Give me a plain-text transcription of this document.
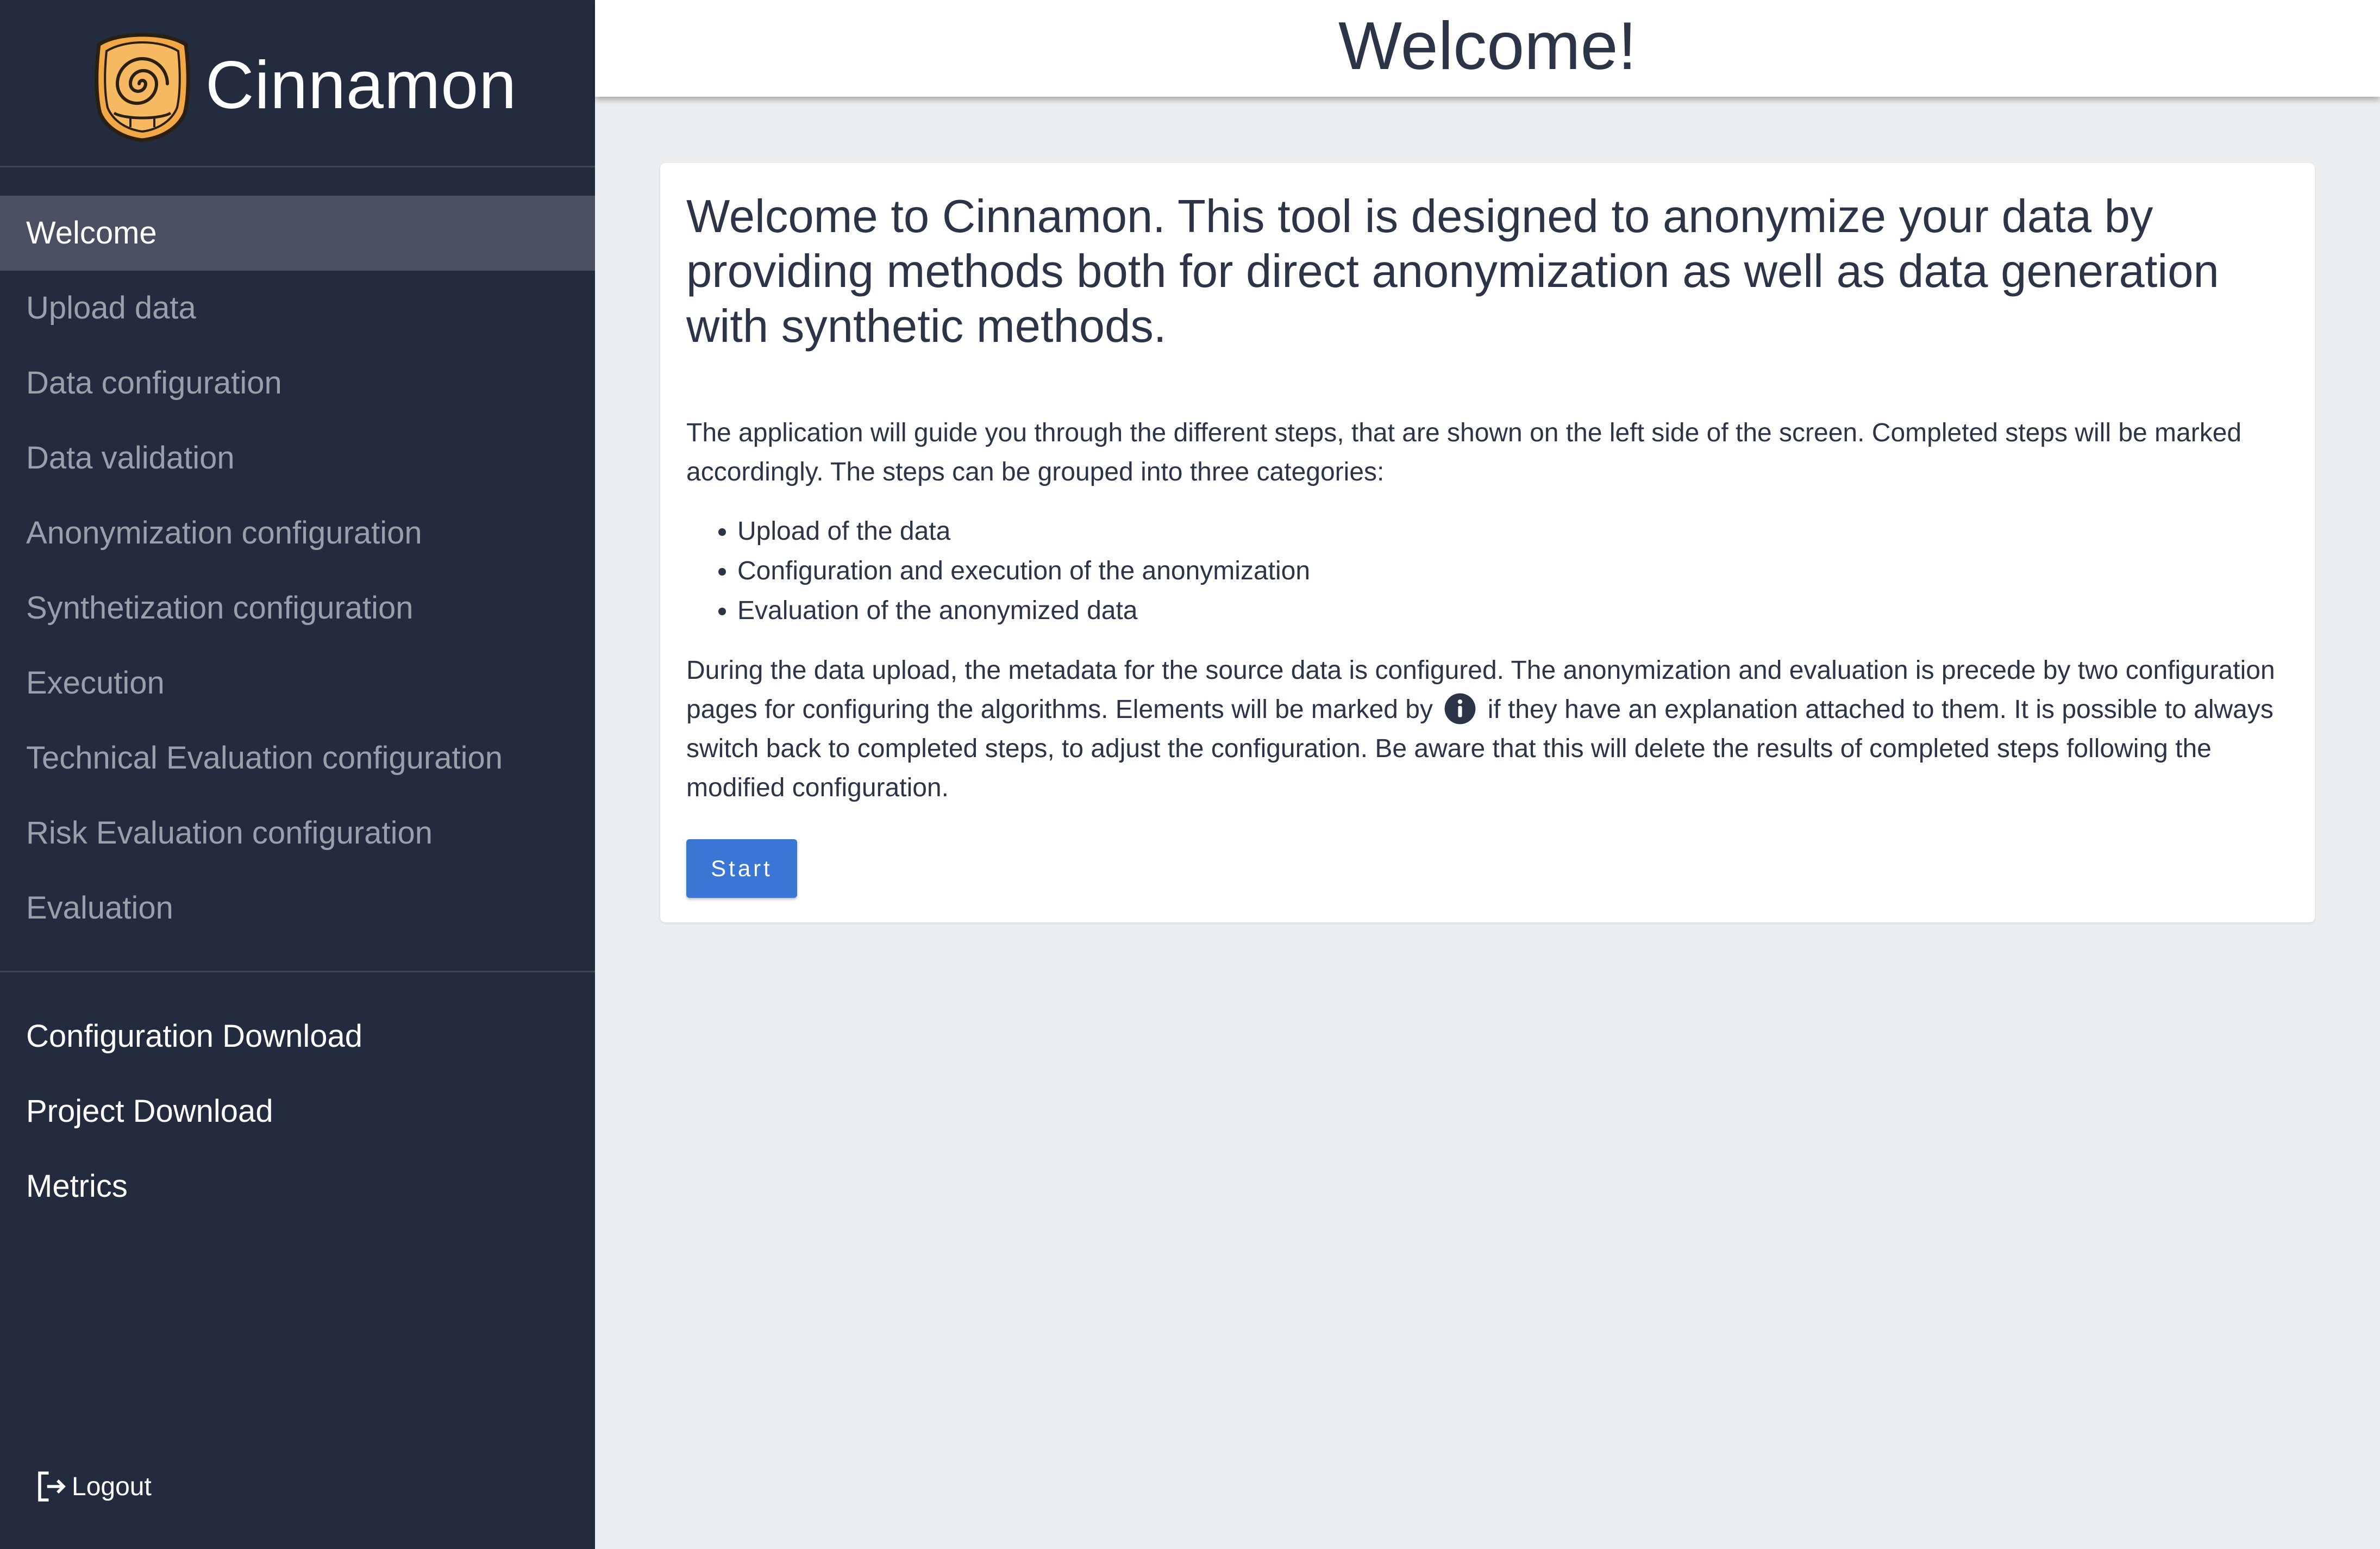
Cinnamon
Welcome
Upload data
Data configuration
Data validation
Anonymization configuration
Synthetization configuration
Execution
Technical Evaluation configuration
Risk Evaluation configuration
Evaluation
Configuration Download
Project Download
Metrics
Logout
Welcome!
Welcome to Cinnamon. This tool is designed to anonymize your data by providing methods both for direct anonymization as well as data generation with synthetic methods.

The application will guide you through the different steps, that are shown on the left side of the screen. Completed steps will be marked accordingly. The steps can be grouped into three categories:

• Upload of the data
• Configuration and execution of the anonymization
• Evaluation of the anonymized data

During the data upload, the metadata for the source data is configured. The anonymization and evaluation is precede by two configuration pages for configuring the algorithms. Elements will be marked by if they have an explanation attached to them. It is possible to always switch back to completed steps, to adjust the configuration. Be aware that this will delete the results of completed steps following the modified configuration.

Start
